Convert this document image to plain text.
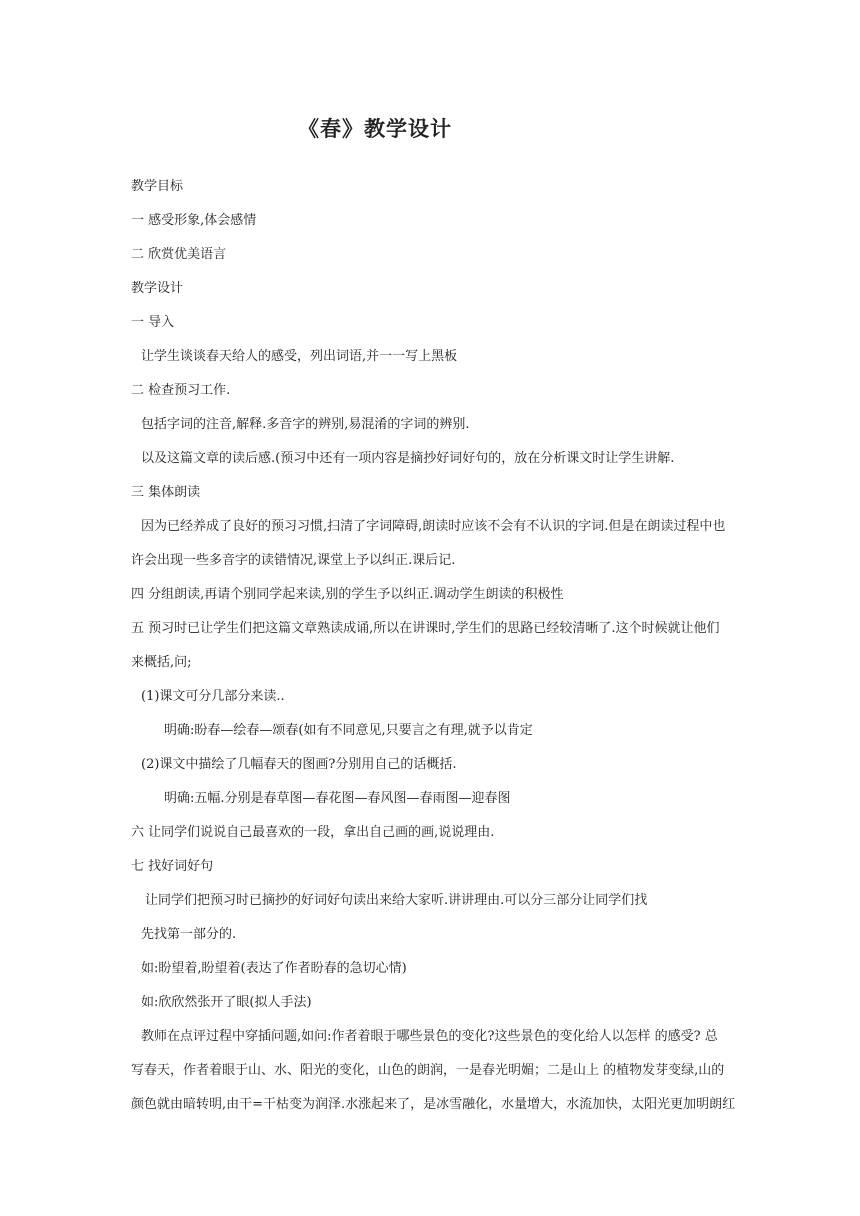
《春》教学设计
教学目标
一 感受形象,体会感情
二 欣赏优美语言
教学设计
一 导入
让学生谈谈春天给人的感受，列出词语,并一一写上黑板
二 检查预习工作.
包括字词的注音,解释.多音字的辨别,易混淆的字词的辨别.
以及这篇文章的读后感.(预习中还有一项内容是摘抄好词好句的，放在分析课文时让学生讲解.
三 集体朗读
因为已经养成了良好的预习习惯,扫清了字词障碍,朗读时应该不会有不认识的字词.但是在朗读过程中也
许会出现一些多音字的读错情况,课堂上予以纠正.课后记.
四 分组朗读,再请个别同学起来读,别的学生予以纠正.调动学生朗读的积极性
五 预习时已让学生们把这篇文章熟读成诵,所以在讲课时,学生们的思路已经较清晰了.这个时候就让他们
来概括,问;
(1)课文可分几部分来读..
明确:盼春—绘春—颂春(如有不同意见,只要言之有理,就予以肯定
(2)课文中描绘了几幅春天的图画?分别用自己的话概括.
明确:五幅.分别是春草图—春花图—春风图—春雨图—迎春图
六 让同学们说说自己最喜欢的一段，拿出自己画的画,说说理由.
七 找好词好句
让同学们把预习时已摘抄的好词好句读出来给大家听.讲讲理由.可以分三部分让同学们找
先找第一部分的.
如:盼望着,盼望着(表达了作者盼春的急切心情)
如:欣欣然张开了眼(拟人手法)
教师在点评过程中穿插问题,如问:作者着眼于哪些景色的变化?这些景色的变化给人以怎样 的感受? 总
写春天，作者着眼于山、水、阳光的变化，山色的朗润，一是春光明媚；二是山上 的植物发芽变绿,山的
颜色就由暗转明,由干=干枯变为润泽.水涨起来了，是冰雪融化，水量增大，水流加快，太阳光更加明朗红
